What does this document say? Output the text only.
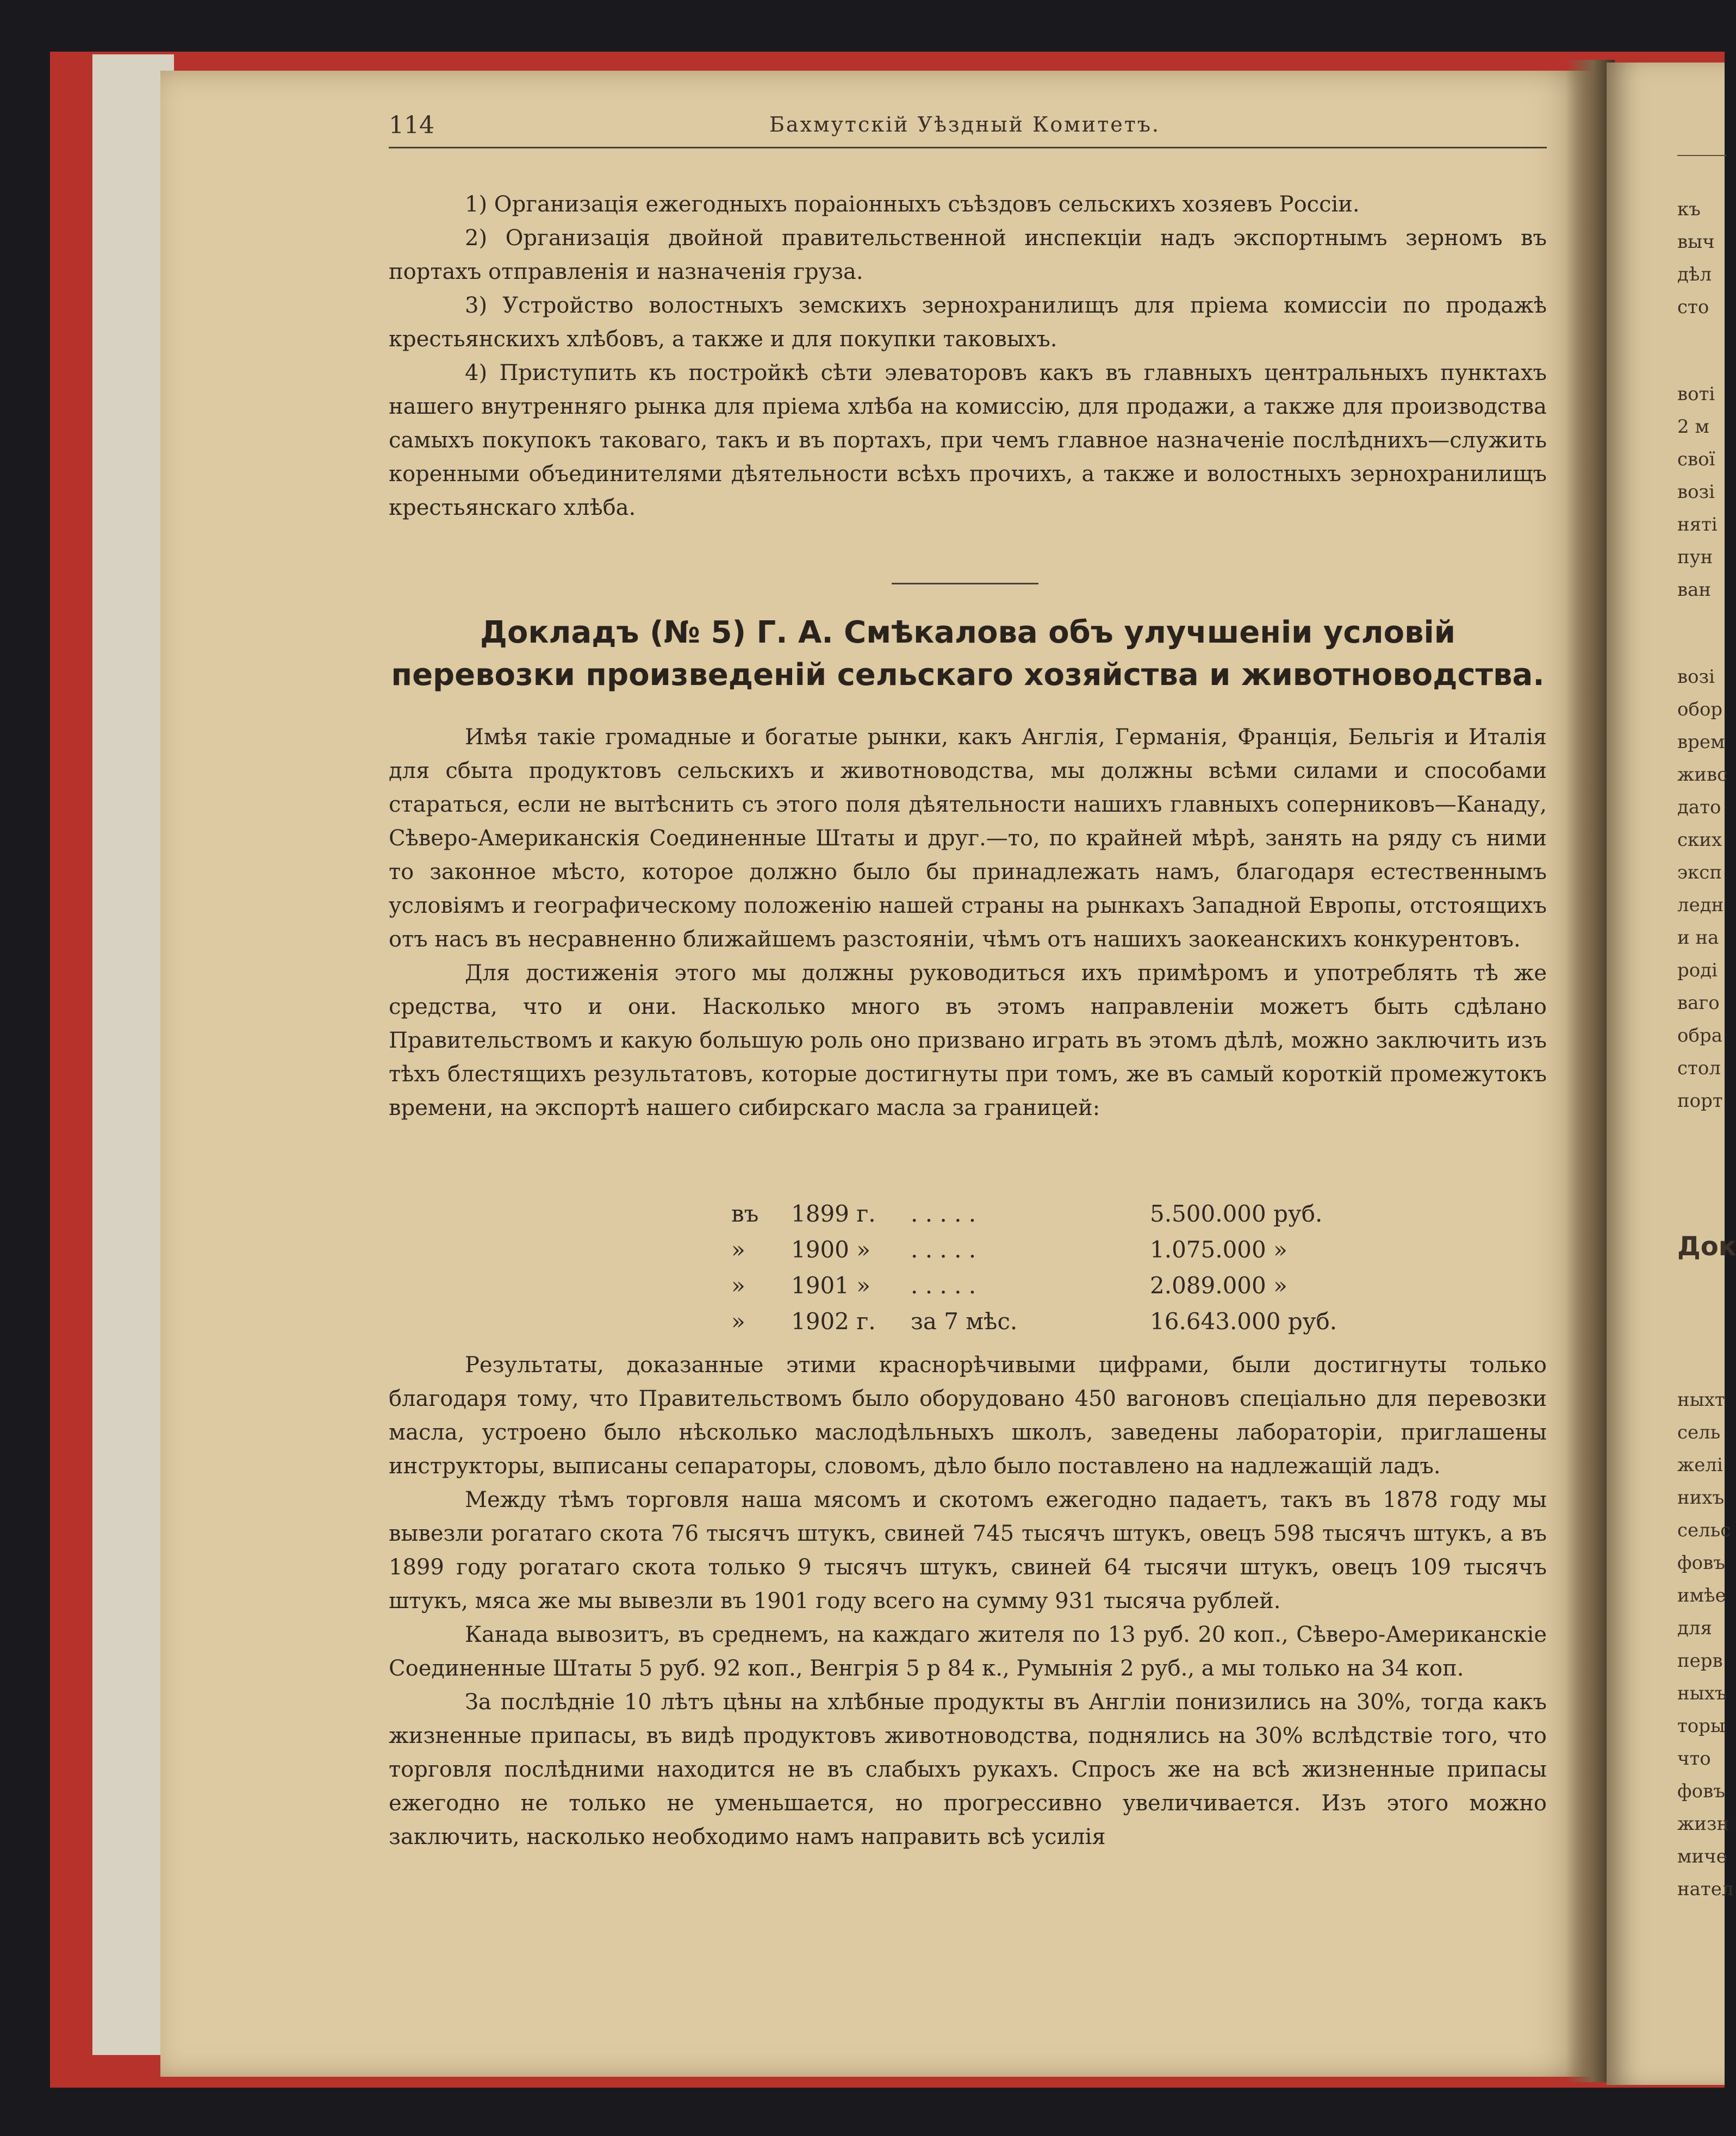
къ
выч
дѣл
сто
воті
2 м
свої
возі
няті
пун
ван
возі
обор
врем
живс
дато
скиx
эксп
ледн
и на
роді
ваго
обра
стол
порт
Док
ныхт
сель
желі
нихъ
сельс
фовъ
имѣе
для
перв
ныхъ
торы
что
фовъ
жизн
миче
нател
114	Бахмутскій Уѣздный Комитетъ.

1) Организація ежегодныхъ пораіонныхъ съѣздовъ сельскихъ хозяевъ Россіи.

2) Организація двойной правительственной инспекціи надъ экспортнымъ зерномъ въ портахъ отправленія и назначенія груза.

3) Устройство волостныхъ земскихъ зернохранилищъ для пріема комиссіи по продажѣ крестьянскихъ хлѣбовъ, а также и для покупки таковыхъ.

4) Приступить къ постройкѣ сѣти элеваторовъ какъ въ главныхъ центральныхъ пунктахъ нашего внутренняго рынка для пріема хлѣба на комиссію, для продажи, а также для производства самыхъ покупокъ таковаго, такъ и въ портахъ, при чемъ главное назначеніе послѣднихъ—служить коренными объединителями дѣятельности всѣхъ прочихъ, а также и волостныхъ зернохранилищъ крестьянскаго хлѣба.

Докладъ (№ 5) Г. А. Смѣкалова объ улучшеніи условій перевозки произведеній сельскаго хозяйства и животноводства.

Имѣя такіе громадные и богатые рынки, какъ Англія, Германія, Франція, Бельгія и Италія для сбыта продуктовъ сельскихъ и животноводства, мы должны всѣми силами и способами стараться, если не вытѣснить съ этого поля дѣятельности нашихъ главныхъ соперниковъ—Канаду, Сѣверо-Американскія Соединенные Штаты и друг.—то, по крайней мѣрѣ, занять на ряду съ ними то законное мѣсто, которое должно было бы принадлежать намъ, благодаря естественнымъ условіямъ и географическому положенію нашей страны на рынкахъ Западной Европы, отстоящихъ отъ насъ въ несравненно ближайшемъ разстояніи, чѣмъ отъ нашихъ заокеанскихъ конкурентовъ.

Для достиженія этого мы должны руководиться ихъ примѣромъ и употреблять тѣ же средства, что и они. Насколько много въ этомъ направленіи можетъ быть сдѣлано Правительствомъ и какую большую роль оно призвано играть въ этомъ дѣлѣ, можно заключить изъ тѣхъ блестящихъ результатовъ, которые достигнуты при томъ, же въ самый короткій промежутокъ времени, на экспортѣ нашего сибирскаго масла за границей:

въ 1899 г. . . . . .	5.500.000 руб.
» 1900 » . . . . .	1.075.000 »
» 1901 » . . . . .	2.089.000 »
» 1902 г. за 7 мѣс.	16.643.000 руб.

Результаты, доказанные этими краснорѣчивыми цифрами, были достигнуты только благодаря тому, что Правительствомъ было оборудовано 450 вагоновъ спеціально для перевозки масла, устроено было нѣсколько маслодѣльныхъ школъ, заведены лабораторіи, приглашены инструкторы, выписаны сепараторы, словомъ, дѣло было поставлено на надлежащій ладъ.

Между тѣмъ торговля наша мясомъ и скотомъ ежегодно падаетъ, такъ въ 1878 году мы вывезли рогатаго скота 76 тысячъ штукъ, свиней 745 тысячъ штукъ, овецъ 598 тысячъ штукъ, а въ 1899 году рогатаго скота только 9 тысячъ штукъ, свиней 64 тысячи штукъ, овецъ 109 тысячъ штукъ, мяса же мы вывезли въ 1901 году всего на сумму 931 тысяча рублей.

Канада вывозитъ, въ среднемъ, на каждаго жителя по 13 руб. 20 коп., Сѣверо-Американскіе Соединенные Штаты 5 руб. 92 коп., Венгрія 5 р 84 к., Румынія 2 руб., а мы только на 34 коп.

За послѣдніе 10 лѣтъ цѣны на хлѣбные продукты въ Англіи понизились на 30%, тогда какъ жизненные припасы, въ видѣ продуктовъ животноводства, поднялись на 30% вслѣдствіе того, что торговля послѣдними находится не въ слабыхъ рукахъ. Спросъ же на всѣ жизненные припасы ежегодно не только не уменьшается, но прогрессивно увеличивается. Изъ этого можно заключить, насколько необходимо намъ направить всѣ усилія
